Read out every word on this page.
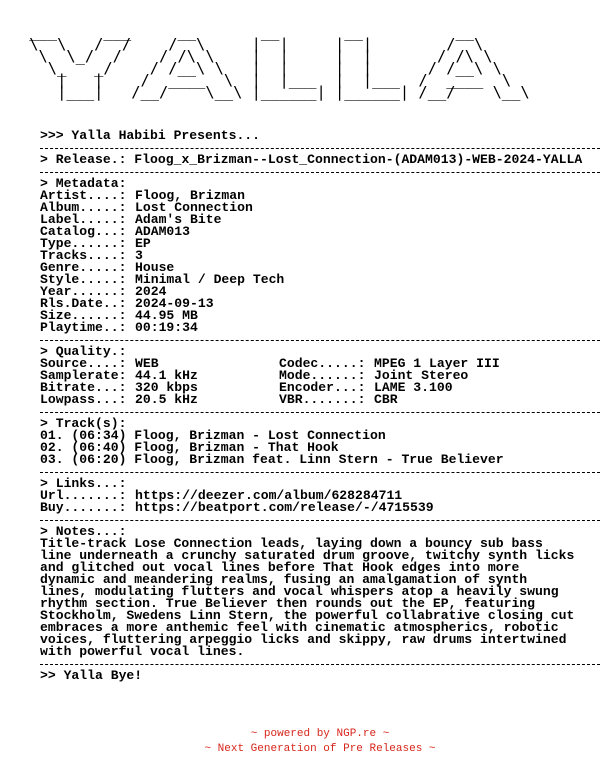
___     ___     __       __       __          __
\  \   /  /    /  \     |  |     |  |        /  \
\  \_/  /    / /\ \    |  |     |  |       / /\ \
\_   _/    / /__\ \   |  |     |  |      / /__\ \
|   |    /  ____  \  |  |___  |  |___  /  ____  \
|___|   /__/    \__\ |______| |______| /__/    \__\
>>> Yalla Habibi Presents...
> Release.: Floog_x_Brizman--Lost_Connection-(ADAM013)-WEB-2024-YALLA
> Metadata:
Artist....: Floog, Brizman
Album.....: Lost Connection
Label.....: Adam's Bite
Catalog...: ADAM013
Type......: EP
Tracks....: 3
Genre.....: House
Style.....: Minimal / Deep Tech
Year......: 2024
Rls.Date..: 2024-09-13
Size......: 44.95 MB
Playtime..: 00:19:34
> Quality.:
Source....: WEB	Codec.....: MPEG 1 Layer III
Samplerate: 44.1 kHz	Mode......: Joint Stereo
Bitrate...: 320 kbps	Encoder...: LAME 3.100
Lowpass...: 20.5 kHz	VBR.......: CBR
> Track(s):
01. (06:34) Floog, Brizman - Lost Connection
02. (06:40) Floog, Brizman - That Hook
03. (06:20) Floog, Brizman feat. Linn Stern - True Believer
> Links...:
Url.......: https://deezer.com/album/628284711
Buy.......: https://beatport.com/release/-/4715539
> Notes...:
Title-track Lose Connection leads, laying down a bouncy sub bass
line underneath a crunchy saturated drum groove, twitchy synth licks
and glitched out vocal lines before That Hook edges into more
dynamic and meandering realms, fusing an amalgamation of synth
lines, modulating flutters and vocal whispers atop a heavily swung
rhythm section. True Believer then rounds out the EP, featuring
Stockholm, Swedens Linn Stern, the powerful collabrative closing cut
embraces a more anthemic feel with cinematic atmospherics, robotic
voices, fluttering arpeggio licks and skippy, raw drums intertwined
with powerful vocal lines.
>> Yalla Bye!
~ powered by NGP.re ~
~ Next Generation of Pre Releases ~
